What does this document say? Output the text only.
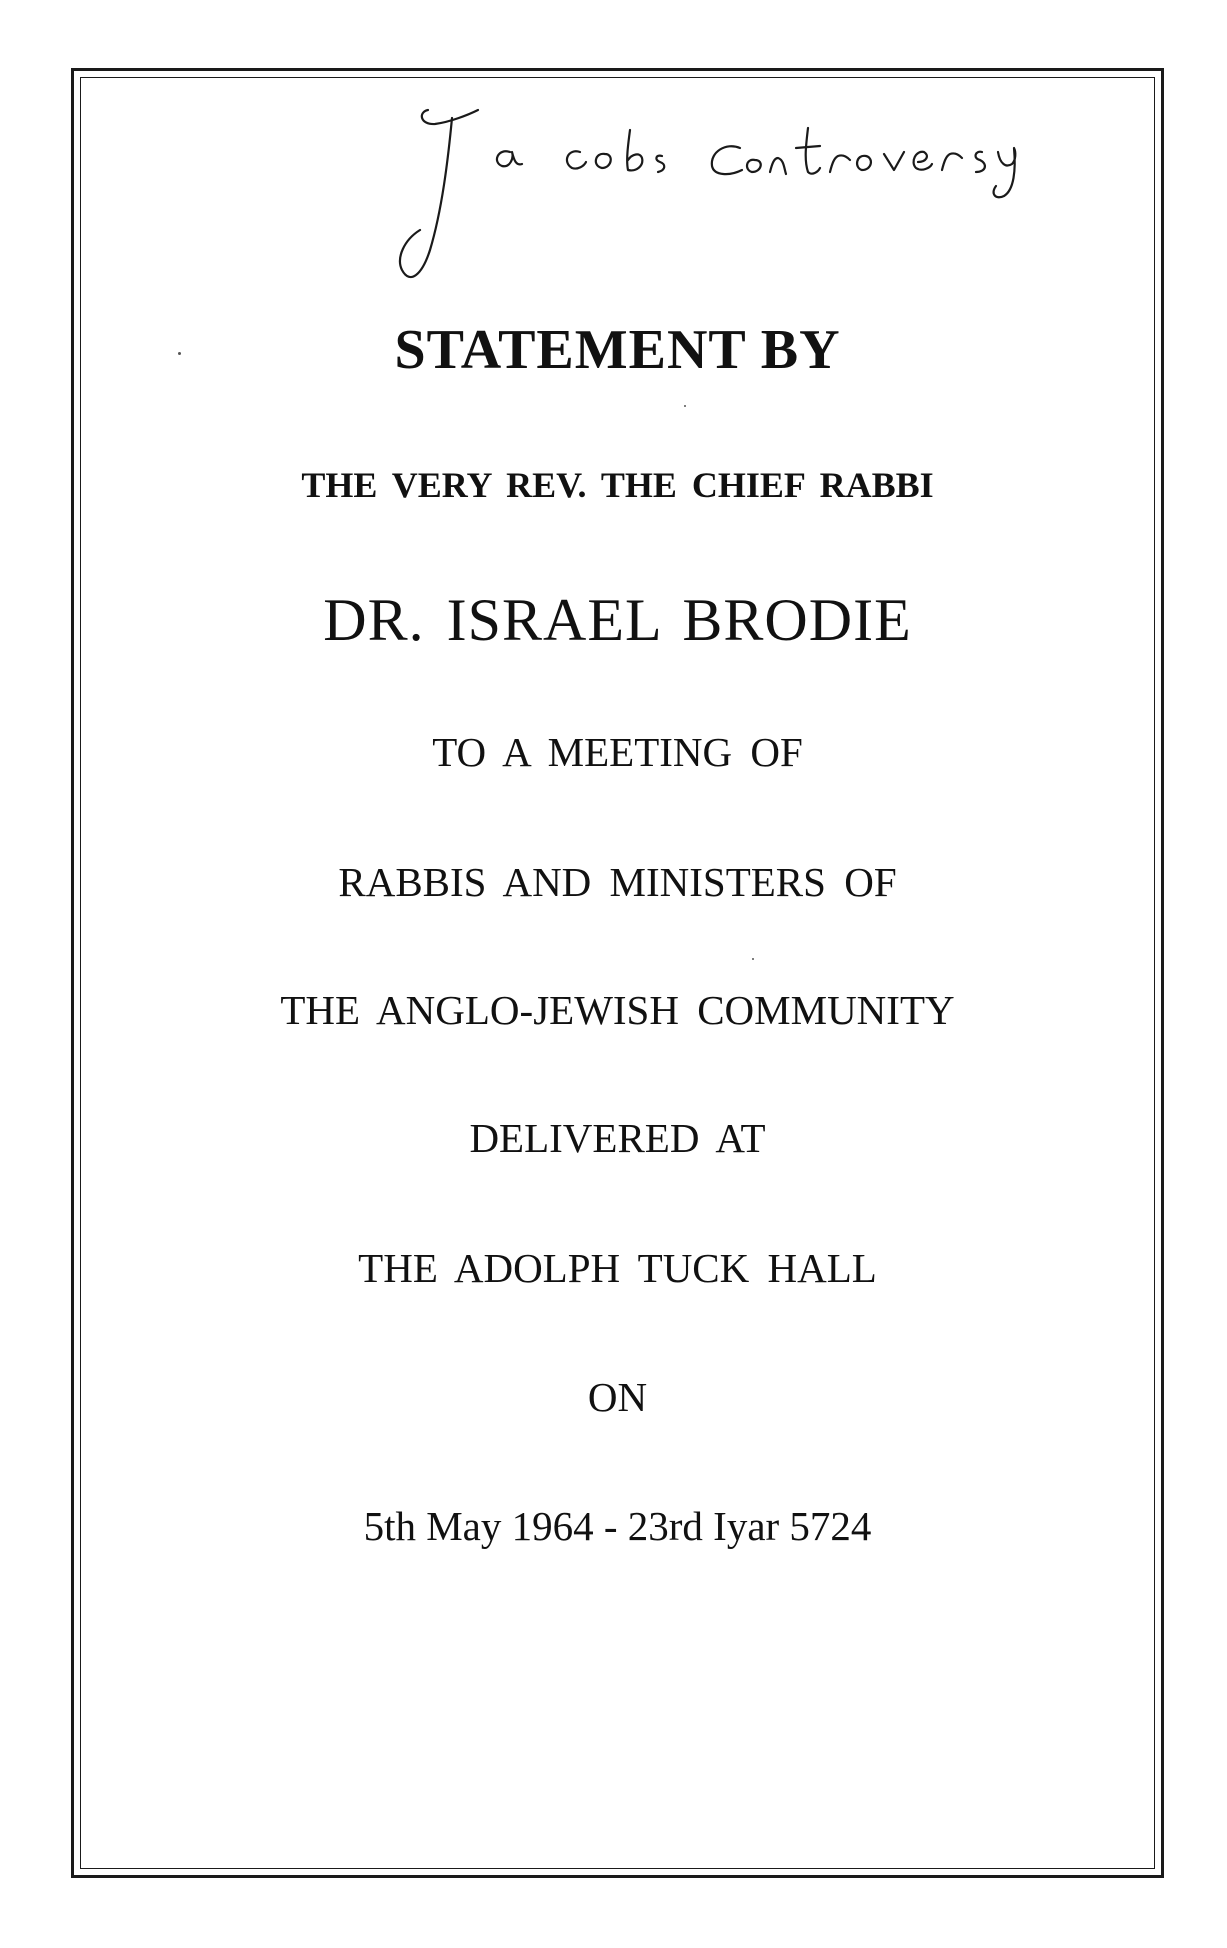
STATEMENT BY
THE VERY REV. THE CHIEF RABBI
DR. ISRAEL BRODIE
TO A MEETING OF
RABBIS AND MINISTERS OF
THE ANGLO-JEWISH COMMUNITY
DELIVERED AT
THE ADOLPH TUCK HALL
ON
5th May 1964 - 23rd Iyar 5724
